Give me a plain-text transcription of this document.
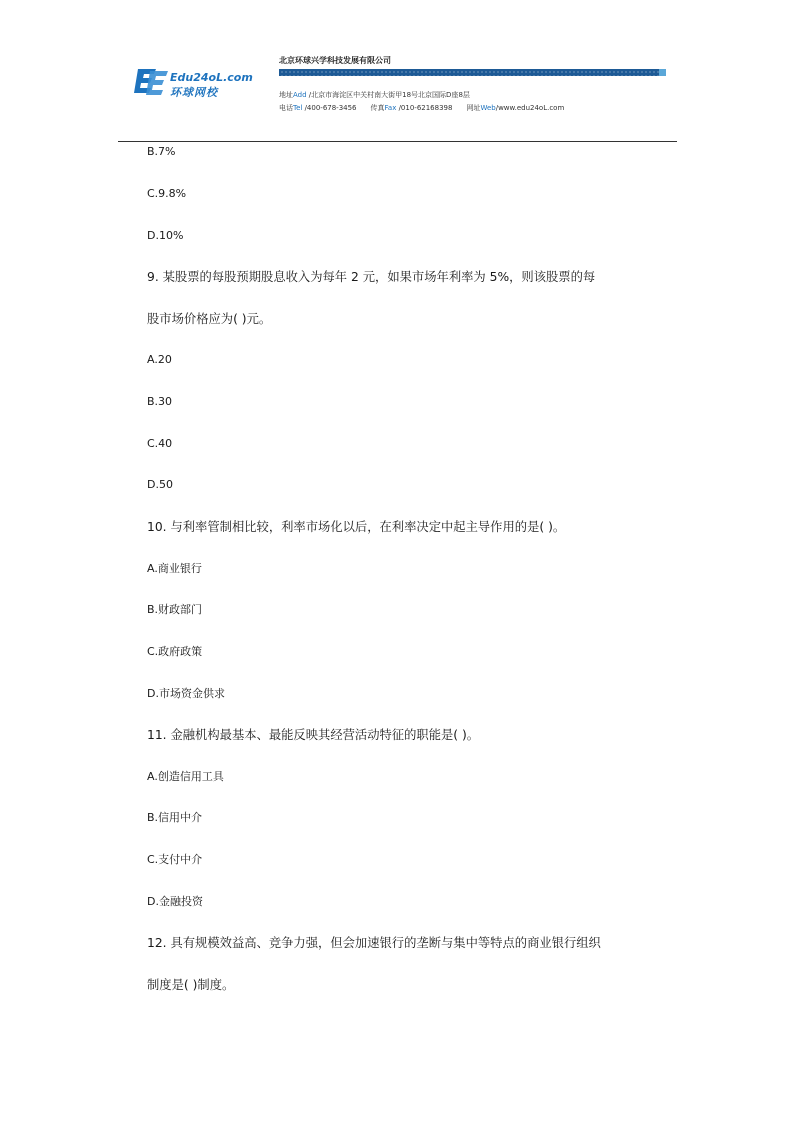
Edu24oL.com
环球网校
北京环球兴学科技发展有限公司
地址Add /北京市海淀区中关村南大街甲18号北京国际D座8层
电话Tel /400-678-3456 传真Fax /010-62168398 网址Web/www.edu24oL.com
B.7%
C.9.8%
D.10%
9. 某股票的每股预期股息收入为每年 2 元，如果市场年利率为 5%，则该股票的每
股市场价格应为( )元。
A.20
B.30
C.40
D.50
10. 与利率管制相比较，利率市场化以后，在利率决定中起主导作用的是( )。
A.商业银行
B.财政部门
C.政府政策
D.市场资金供求
11. 金融机构最基本、最能反映其经营活动特征的职能是( )。
A.创造信用工具
B.信用中介
C.支付中介
D.金融投资
12. 具有规模效益高、竞争力强，但会加速银行的垄断与集中等特点的商业银行组织
制度是( )制度。
